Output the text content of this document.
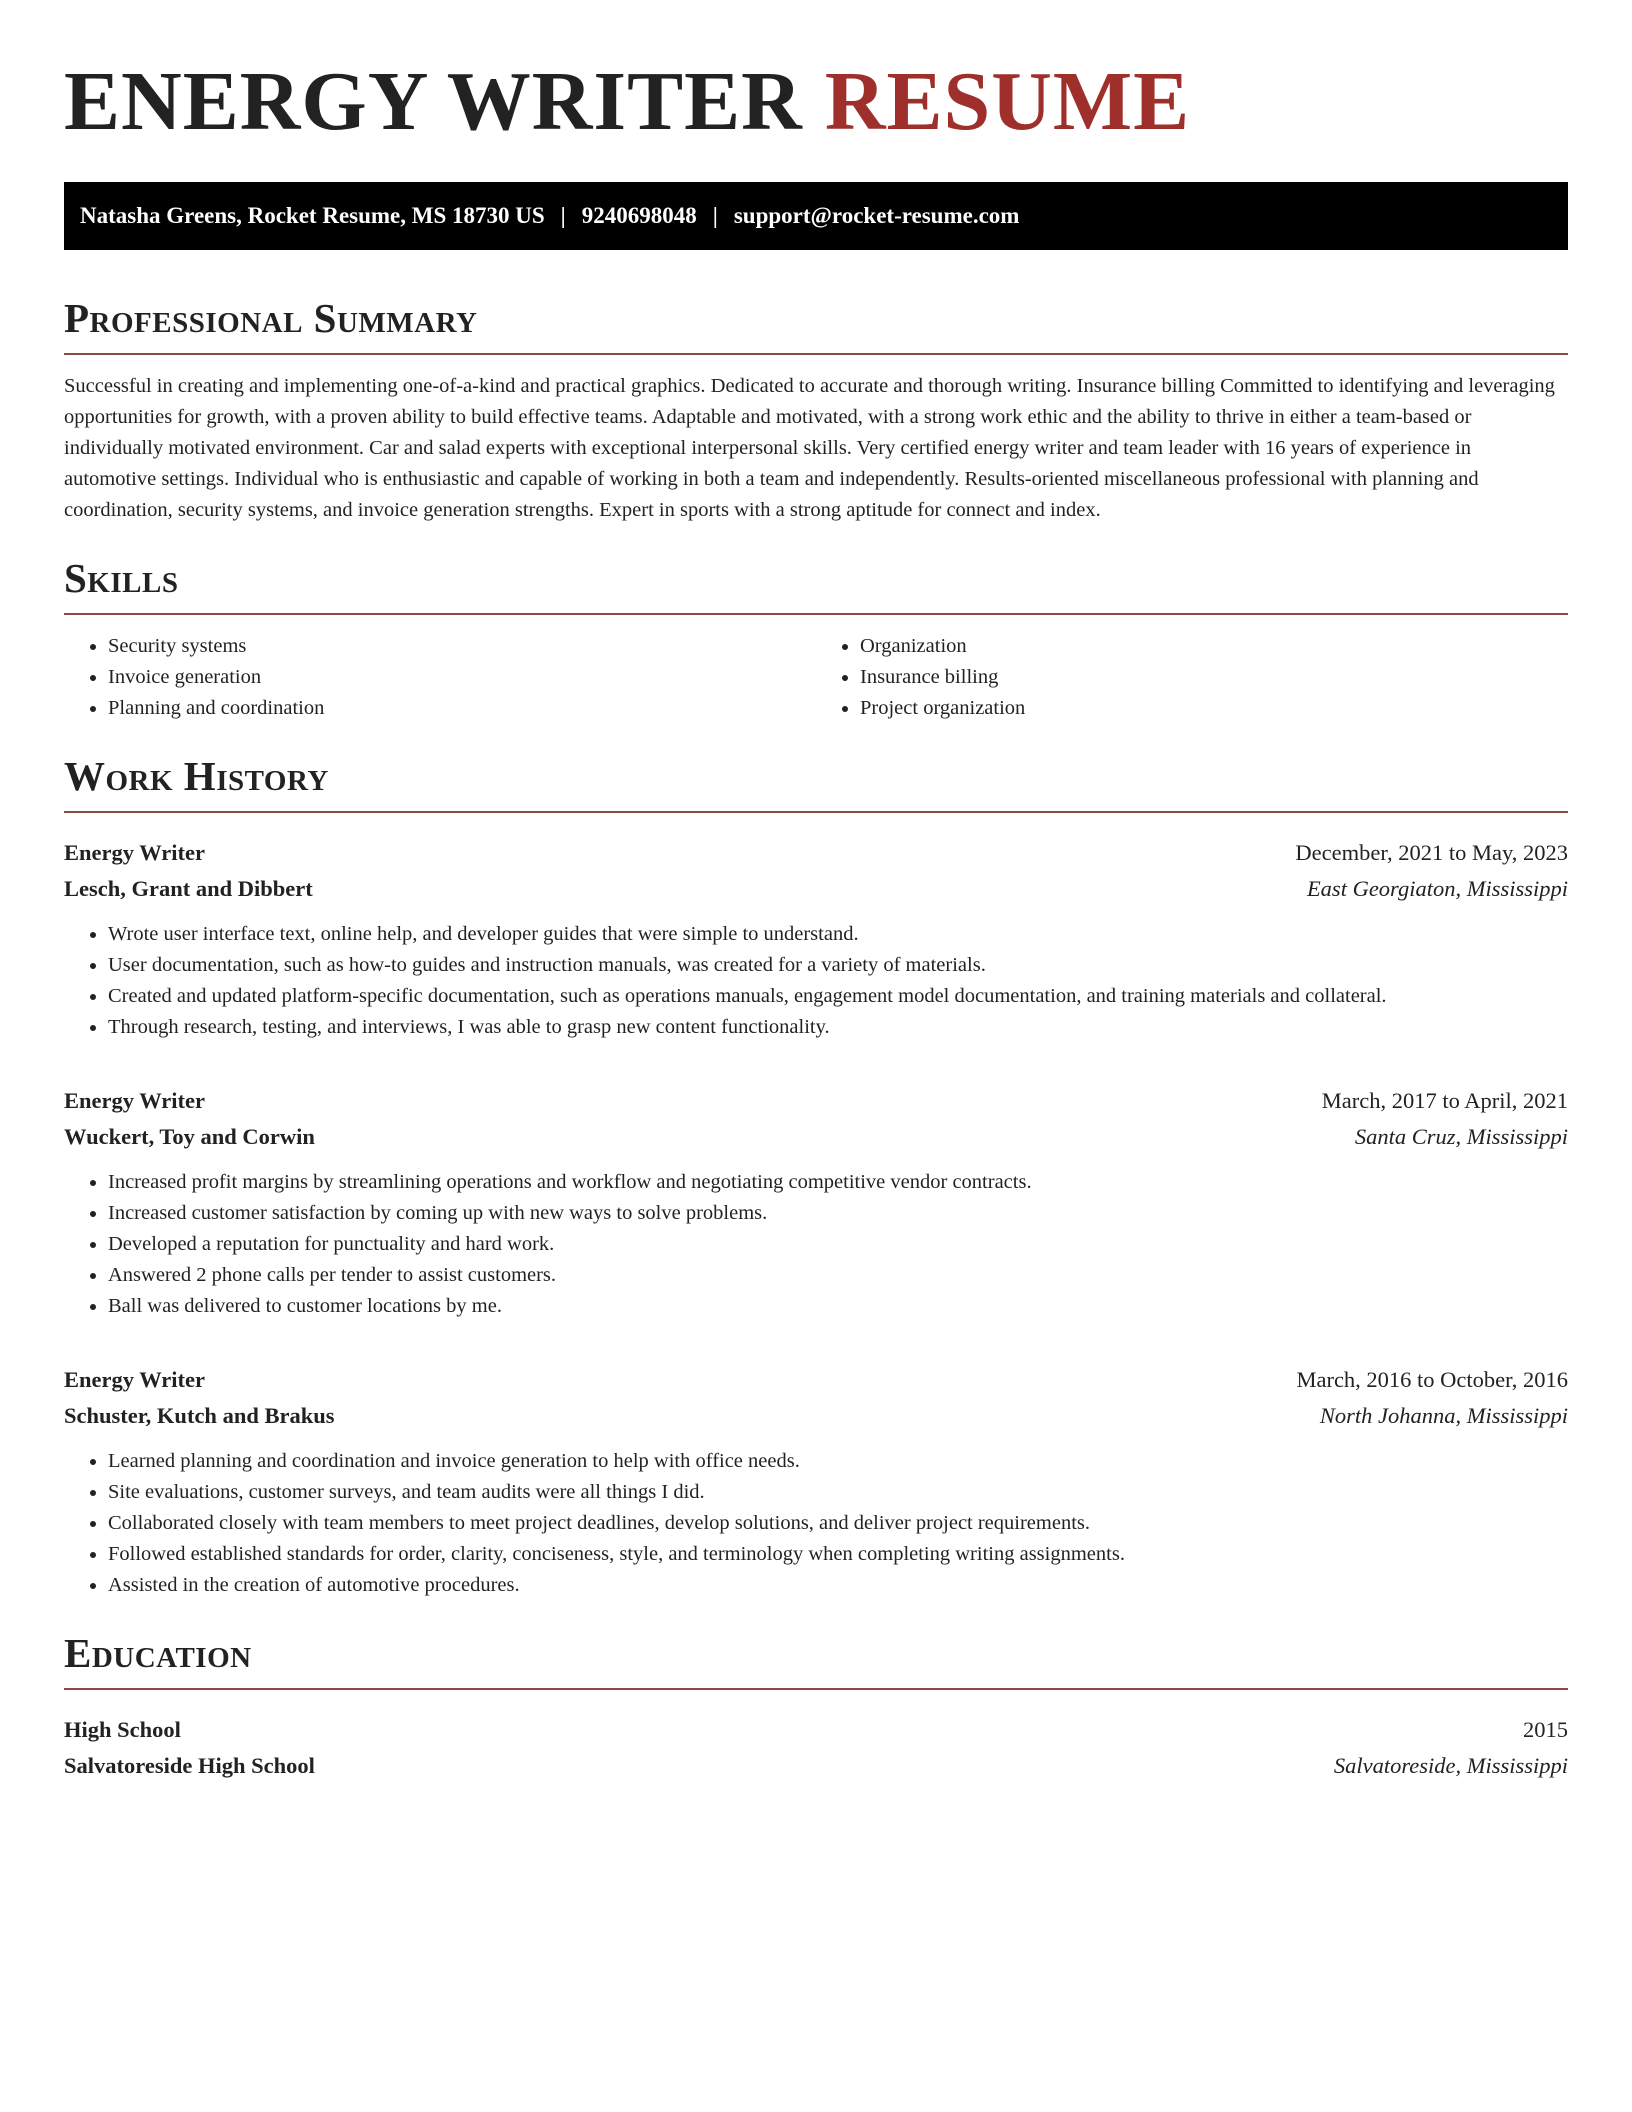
ENERGY WRITER RESUME
Natasha Greens, Rocket Resume, MS 18730 US | 9240698048 | support@rocket-resume.com
Professional Summary

Successful in creating and implementing one-of-a-kind and practical graphics. Dedicated to accurate and thorough writing. Insurance billing Committed to identifying and leveraging opportunities for growth, with a proven ability to build effective teams. Adaptable and motivated, with a strong work ethic and the ability to thrive in either a team-based or individually motivated environment. Car and salad experts with exceptional interpersonal skills. Very certified energy writer and team leader with 16 years of experience in automotive settings. Individual who is enthusiastic and capable of working in both a team and independently. Results-oriented miscellaneous professional with planning and coordination, security systems, and invoice generation strengths. Expert in sports with a strong aptitude for connect and index.

Skills
• Security systems
• Invoice generation
• Planning and coordination
• Organization
• Insurance billing
• Project organization
Work History
Energy Writer	December, 2021 to May, 2023
Lesch, Grant and Dibbert	East Georgiaton, Mississippi
• Wrote user interface text, online help, and developer guides that were simple to understand.
• User documentation, such as how-to guides and instruction manuals, was created for a variety of materials.
• Created and updated platform-specific documentation, such as operations manuals, engagement model documentation, and training materials and collateral.
• Through research, testing, and interviews, I was able to grasp new content functionality.
Energy Writer	March, 2017 to April, 2021
Wuckert, Toy and Corwin	Santa Cruz, Mississippi
• Increased profit margins by streamlining operations and workflow and negotiating competitive vendor contracts.
• Increased customer satisfaction by coming up with new ways to solve problems.
• Developed a reputation for punctuality and hard work.
• Answered 2 phone calls per tender to assist customers.
• Ball was delivered to customer locations by me.
Energy Writer	March, 2016 to October, 2016
Schuster, Kutch and Brakus	North Johanna, Mississippi
• Learned planning and coordination and invoice generation to help with office needs.
• Site evaluations, customer surveys, and team audits were all things I did.
• Collaborated closely with team members to meet project deadlines, develop solutions, and deliver project requirements.
• Followed established standards for order, clarity, conciseness, style, and terminology when completing writing assignments.
• Assisted in the creation of automotive procedures.
Education
High School	2015
Salvatoreside High School	Salvatoreside, Mississippi
